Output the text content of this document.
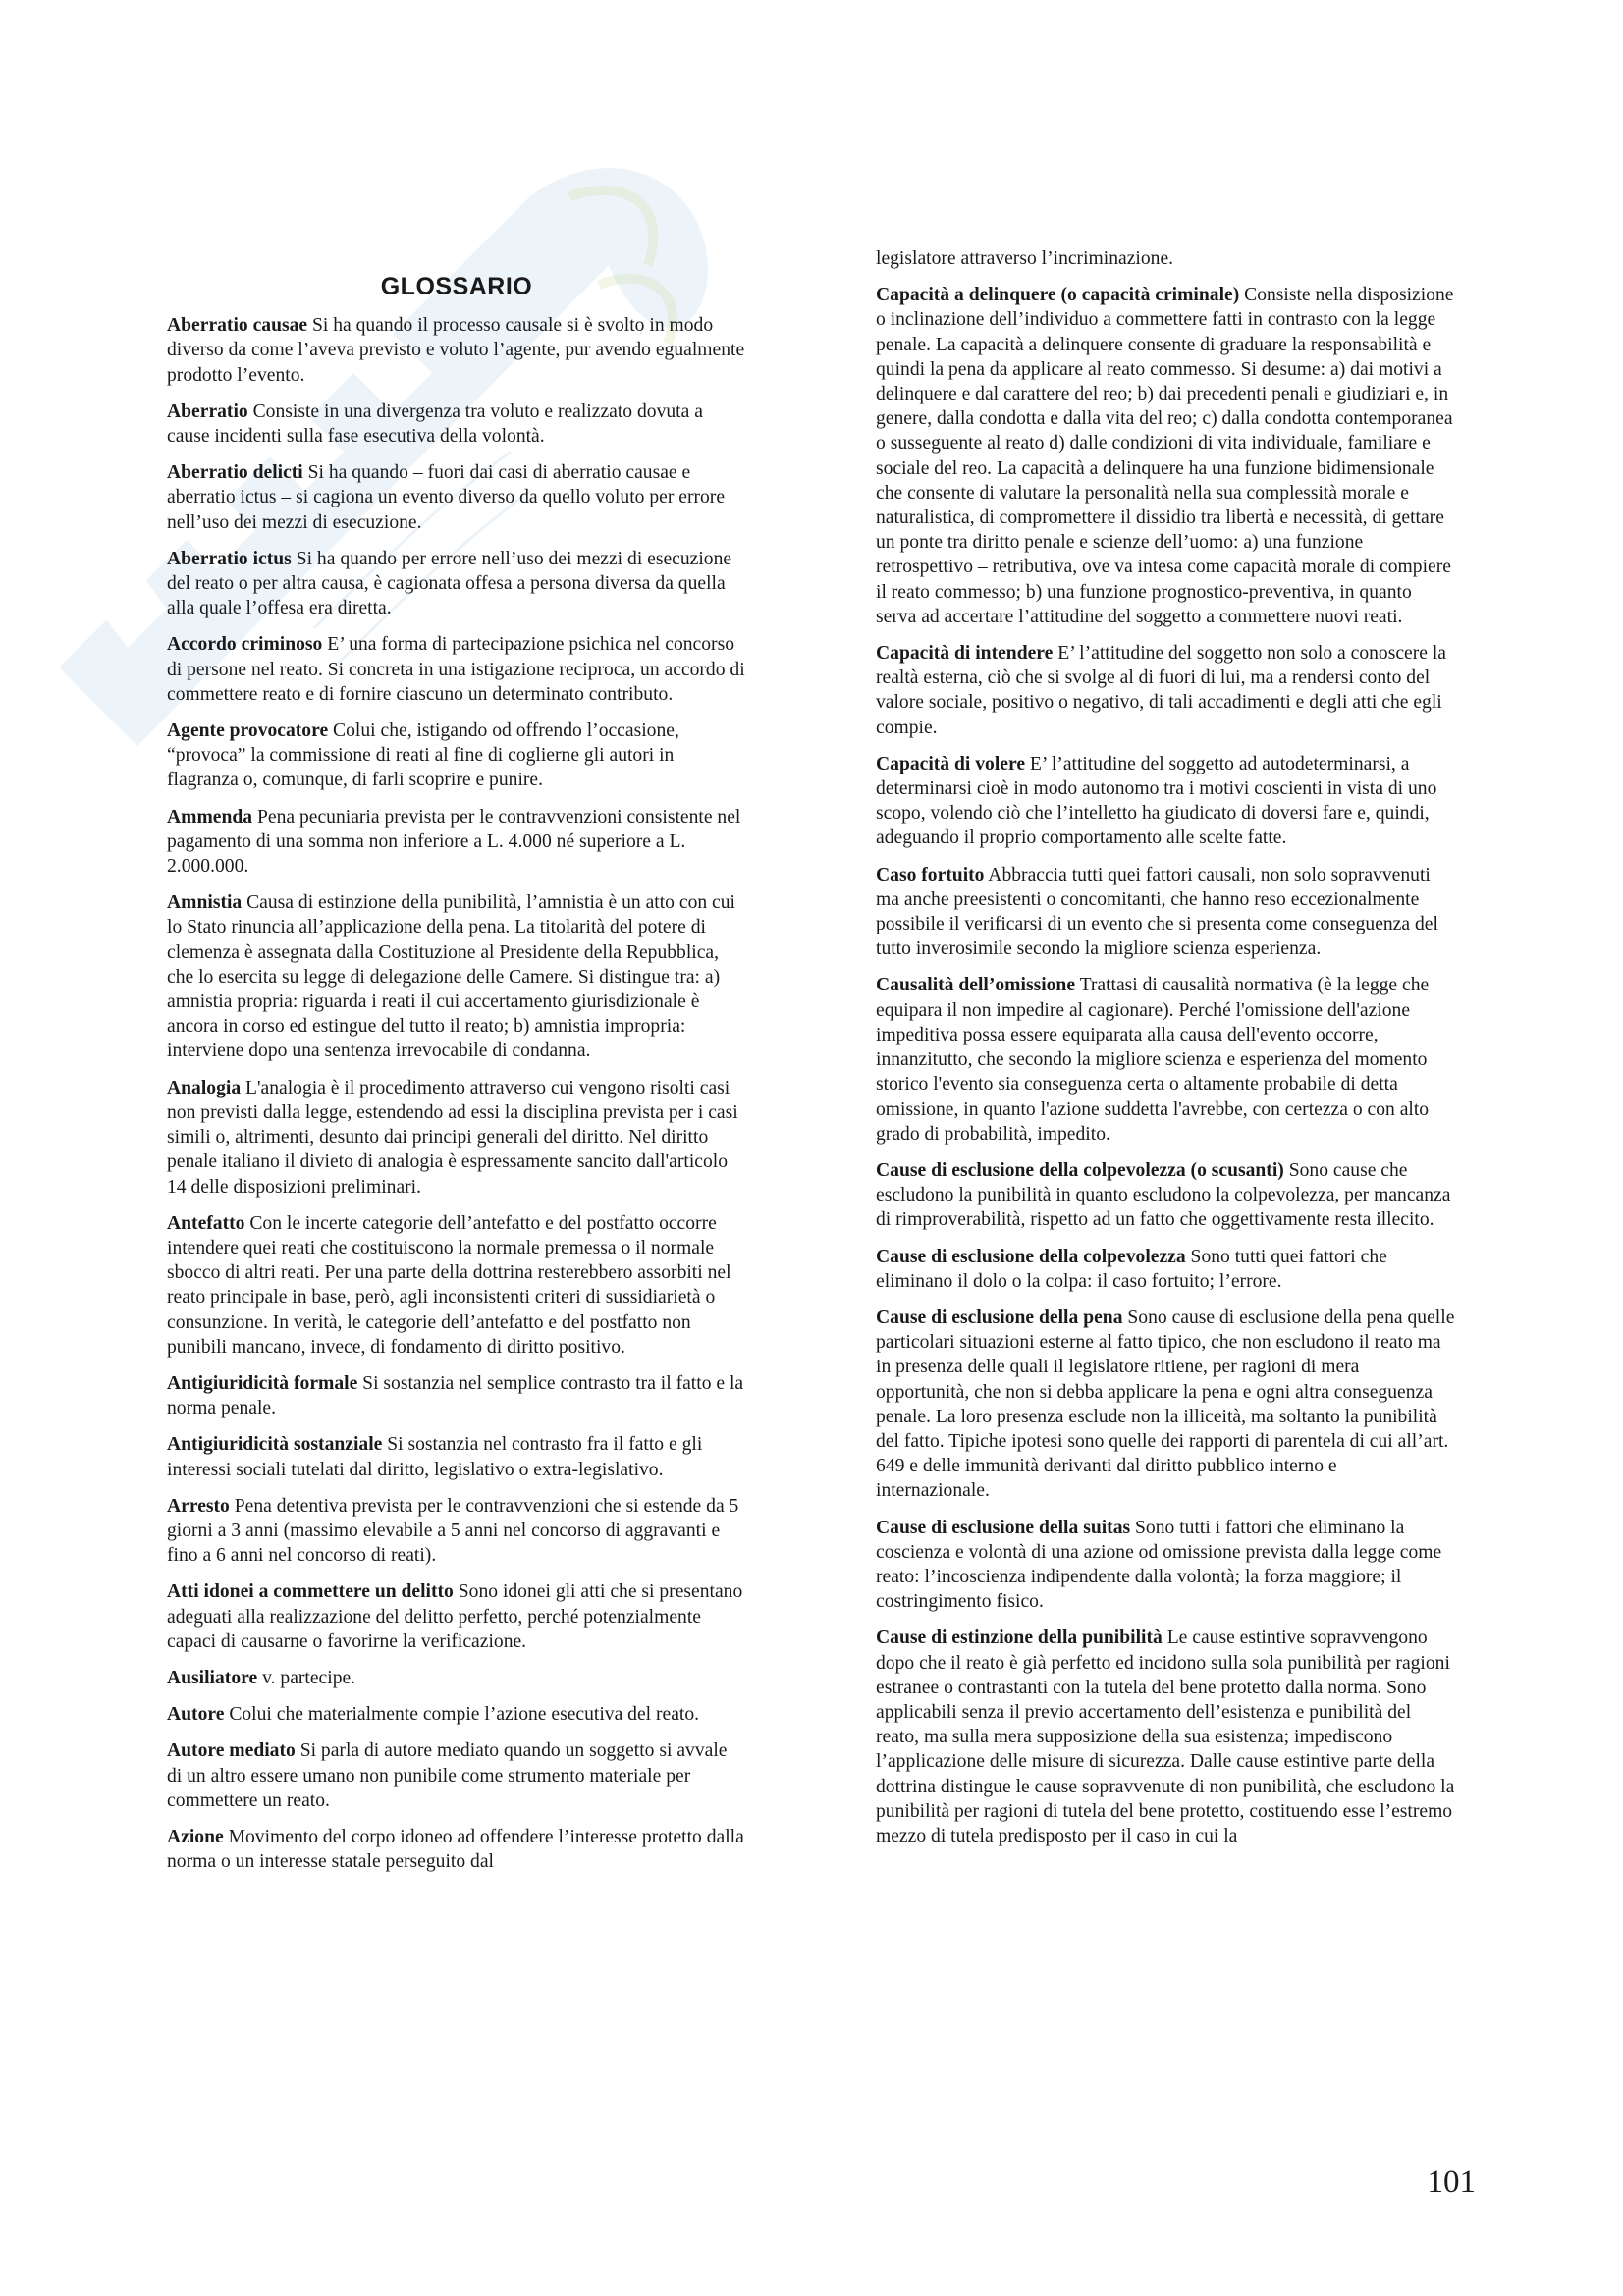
GLOSSARIO

Aberratio causae Si ha quando il processo causale si è svolto in modo diverso da come l’aveva previsto e voluto l’agente, pur avendo egualmente prodotto l’evento.

Aberratio Consiste in una divergenza tra voluto e realizzato dovuta a cause incidenti sulla fase esecutiva della volontà.

Aberratio delicti Si ha quando – fuori dai casi di aberratio causae e aberratio ictus – si cagiona un evento diverso da quello voluto per errore nell’uso dei mezzi di esecuzione.

Aberratio ictus Si ha quando per errore nell’uso dei mezzi di esecuzione del reato o per altra causa, è cagionata offesa a persona diversa da quella alla quale l’offesa era diretta.

Accordo criminoso E’ una forma di partecipazione psichica nel concorso di persone nel reato. Si concreta in una istigazione reciproca, un accordo di commettere reato e di fornire ciascuno un determinato contributo.

Agente provocatore Colui che, istigando od offrendo l’occasione, “provoca” la commissione di reati al fine di coglierne gli autori in flagranza o, comunque, di farli scoprire e punire.

Ammenda Pena pecuniaria prevista per le contravvenzioni consistente nel pagamento di una somma non inferiore a L. 4.000 né superiore a L. 2.000.000.

Amnistia Causa di estinzione della punibilità, l’amnistia è un atto con cui lo Stato rinuncia all’applicazione della pena. La titolarità del potere di clemenza è assegnata dalla Costituzione al Presidente della Repubblica, che lo esercita su legge di delegazione delle Camere. Si distingue tra: a) amnistia propria: riguarda i reati il cui accertamento giurisdizionale è ancora in corso ed estingue del tutto il reato; b) amnistia impropria: interviene dopo una sentenza irrevocabile di condanna.

Analogia L'analogia è il procedimento attraverso cui vengono risolti casi non previsti dalla legge, estendendo ad essi la disciplina prevista per i casi simili o, altrimenti, desunto dai principi generali del diritto. Nel diritto penale italiano il divieto di analogia è espressamente sancito dall'articolo 14 delle disposizioni preliminari.

Antefatto Con le incerte categorie dell’antefatto e del postfatto occorre intendere quei reati che costituiscono la normale premessa o il normale sbocco di altri reati. Per una parte della dottrina resterebbero assorbiti nel reato principale in base, però, agli inconsistenti criteri di sussidiarietà o consunzione. In verità, le categorie dell’antefatto e del postfatto non punibili mancano, invece, di fondamento di diritto positivo.

Antigiuridicità formale Si sostanzia nel semplice contrasto tra il fatto e la norma penale.

Antigiuridicità sostanziale Si sostanzia nel contrasto fra il fatto e gli interessi sociali tutelati dal diritto, legislativo o extra-legislativo.

Arresto Pena detentiva prevista per le contravvenzioni che si estende da 5 giorni a 3 anni (massimo elevabile a 5 anni nel concorso di aggravanti e fino a 6 anni nel concorso di reati).

Atti idonei a commettere un delitto Sono idonei gli atti che si presentano adeguati alla realizzazione del delitto perfetto, perché potenzialmente capaci di causarne o favorirne la verificazione.

Ausiliatore v. partecipe.

Autore Colui che materialmente compie l’azione esecutiva del reato.

Autore mediato Si parla di autore mediato quando un soggetto si avvale di un altro essere umano non punibile come strumento materiale per commettere un reato.

Azione Movimento del corpo idoneo ad offendere l’interesse protetto dalla norma o un interesse statale perseguito dal

legislatore attraverso l’incriminazione.

Capacità a delinquere (o capacità criminale) Consiste nella disposizione o inclinazione dell’individuo a commettere fatti in contrasto con la legge penale. La capacità a delinquere consente di graduare la responsabilità e quindi la pena da applicare al reato commesso. Si desume: a) dai motivi a delinquere e dal carattere del reo; b) dai precedenti penali e giudiziari e, in genere, dalla condotta e dalla vita del reo; c) dalla condotta contemporanea o susseguente al reato d) dalle condizioni di vita individuale, familiare e sociale del reo. La capacità a delinquere ha una funzione bidimensionale che consente di valutare la personalità nella sua complessità morale e naturalistica, di compromettere il dissidio tra libertà e necessità, di gettare un ponte tra diritto penale e scienze dell’uomo: a) una funzione retrospettivo – retributiva, ove va intesa come capacità morale di compiere il reato commesso; b) una funzione prognostico-preventiva, in quanto serva ad accertare l’attitudine del soggetto a commettere nuovi reati.

Capacità di intendere E’ l’attitudine del soggetto non solo a conoscere la realtà esterna, ciò che si svolge al di fuori di lui, ma a rendersi conto del valore sociale, positivo o negativo, di tali accadimenti e degli atti che egli compie.

Capacità di volere E’ l’attitudine del soggetto ad autodeterminarsi, a determinarsi cioè in modo autonomo tra i motivi coscienti in vista di uno scopo, volendo ciò che l’intelletto ha giudicato di doversi fare e, quindi, adeguando il proprio comportamento alle scelte fatte.

Caso fortuito Abbraccia tutti quei fattori causali, non solo sopravvenuti ma anche preesistenti o concomitanti, che hanno reso eccezionalmente possibile il verificarsi di un evento che si presenta come conseguenza del tutto inverosimile secondo la migliore scienza esperienza.

Causalità dell’omissione Trattasi di causalità normativa (è la legge che equipara il non impedire al cagionare). Perché l'omissione dell'azione impeditiva possa essere equiparata alla causa dell'evento occorre, innanzitutto, che secondo la migliore scienza e esperienza del momento storico l'evento sia conseguenza certa o altamente probabile di detta omissione, in quanto l'azione suddetta l'avrebbe, con certezza o con alto grado di probabilità, impedito.

Cause di esclusione della colpevolezza (o scusanti) Sono cause che escludono la punibilità in quanto escludono la colpevolezza, per mancanza di rimproverabilità, rispetto ad un fatto che oggettivamente resta illecito.

Cause di esclusione della colpevolezza Sono tutti quei fattori che eliminano il dolo o la colpa: il caso fortuito; l’errore.

Cause di esclusione della pena Sono cause di esclusione della pena quelle particolari situazioni esterne al fatto tipico, che non escludono il reato ma in presenza delle quali il legislatore ritiene, per ragioni di mera opportunità, che non si debba applicare la pena e ogni altra conseguenza penale. La loro presenza esclude non la illiceità, ma soltanto la punibilità del fatto. Tipiche ipotesi sono quelle dei rapporti di parentela di cui all’art. 649 e delle immunità derivanti dal diritto pubblico interno e internazionale.

Cause di esclusione della suitas Sono tutti i fattori che eliminano la coscienza e volontà di una azione od omissione prevista dalla legge come reato: l’incoscienza indipendente dalla volontà; la forza maggiore; il costringimento fisico.

Cause di estinzione della punibilità Le cause estintive sopravvengono dopo che il reato è già perfetto ed incidono sulla sola punibilità per ragioni estranee o contrastanti con la tutela del bene protetto dalla norma. Sono applicabili senza il previo accertamento dell’esistenza e punibilità del reato, ma sulla mera supposizione della sua esistenza; impediscono l’applicazione delle misure di sicurezza. Dalle cause estintive parte della dottrina distingue le cause sopravvenute di non punibilità, che escludono la punibilità per ragioni di tutela del bene protetto, costituendo esse l’estremo mezzo di tutela predisposto per il caso in cui la

101
